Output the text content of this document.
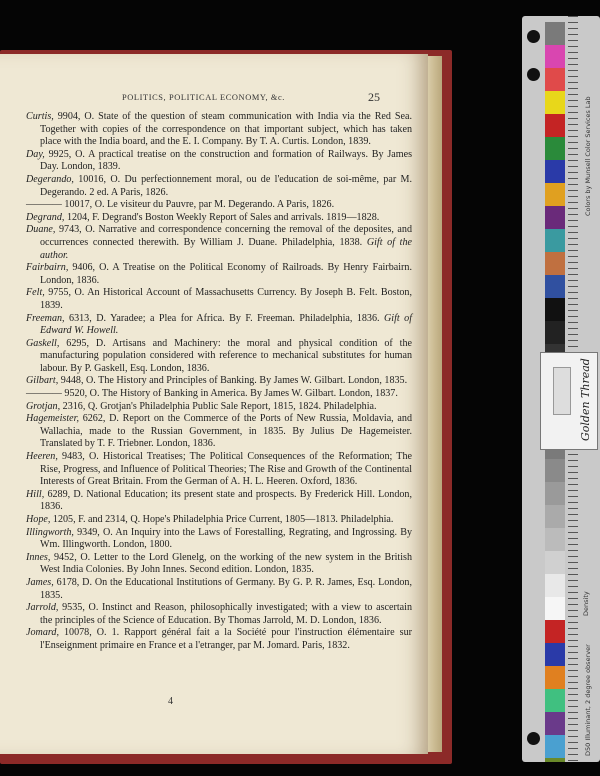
POLITICS, POLITICAL ECONOMY, &c.	25

Curtis, 9904, O. State of the question of steam communication with India via the Red Sea. Together with copies of the correspondence on that important subject, which has taken place with the India board, and the E. I. Company. By T. A. Curtis. London, 1839.

Day, 9925, O. A practical treatise on the construction and formation of Railways. By James Day. London, 1839.

Degerando, 10016, O. Du perfectionnement moral, ou de l'education de soi-même, par M. Degerando. 2 ed. A Paris, 1826.

———— 10017, O. Le visiteur du Pauvre, par M. Degerando. A Paris, 1826.

Degrand, 1204, F. Degrand's Boston Weekly Report of Sales and arrivals. 1819—1828.

Duane, 9743, O. Narrative and correspondence concerning the removal of the deposites, and occurrences connected therewith. By William J. Duane. Philadelphia, 1838. Gift of the author.

Fairbairn, 9406, O. A Treatise on the Political Economy of Railroads. By Henry Fairbairn. London, 1836.

Felt, 9755, O. An Historical Account of Massachusetts Currency. By Joseph B. Felt. Boston, 1839.

Freeman, 6313, D. Yaradee; a Plea for Africa. By F. Freeman. Philadelphia, 1836. Gift of Edward W. Howell.

Gaskell, 6295, D. Artisans and Machinery: the moral and physical condition of the manufacturing population considered with reference to mechanical substitutes for human labour. By P. Gaskell, Esq. London, 1836.

Gilbart, 9448, O. The History and Principles of Banking. By James W. Gilbart. London, 1835.

———— 9520, O. The History of Banking in America. By James W. Gilbart. London, 1837.

Grotjan, 2316, Q. Grotjan's Philadelphia Public Sale Report, 1815, 1824. Philadelphia.

Hagemeister, 6262, D. Report on the Commerce of the Ports of New Russia, Moldavia, and Wallachia, made to the Russian Government, in 1835. By Julius De Hagemeister. Translated by T. F. Triebner. London, 1836.

Heeren, 9483, O. Historical Treatises; The Political Consequences of the Reformation; The Rise, Progress, and Influence of Political Theories; The Rise and Growth of the Continental Interests of Great Britain. From the German of A. H. L. Heeren. Oxford, 1836.

Hill, 6289, D. National Education; its present state and prospects. By Frederick Hill. London, 1836.

Hope, 1205, F. and 2314, Q. Hope's Philadelphia Price Current, 1805—1813. Philadelphia.

Illingworth, 9349, O. An Inquiry into the Laws of Forestalling, Regrating, and Ingrossing. By Wm. Illingworth. London, 1800.

Innes, 9452, O. Letter to the Lord Glenelg, on the working of the new system in the British West India Colonies. By John Innes. Second edition. London, 1835.

James, 6178, D. On the Educational Institutions of Germany. By G. P. R. James, Esq. London, 1835.

Jarrold, 9535, O. Instinct and Reason, philosophically investigated; with a view to ascertain the principles of the Science of Education. By Thomas Jarrold, M. D. London, 1836.

Jomard, 10078, O. 1. Rapport général fait a la Société pour l'instruction élémentaire sur l'Enseignment primaire en France et a l'etranger, par M. Jomard. Paris, 1832.

4
Colors by Munsell Color Services Lab
D50 Illuminant, 2 degree observer
Density
Golden Thread
